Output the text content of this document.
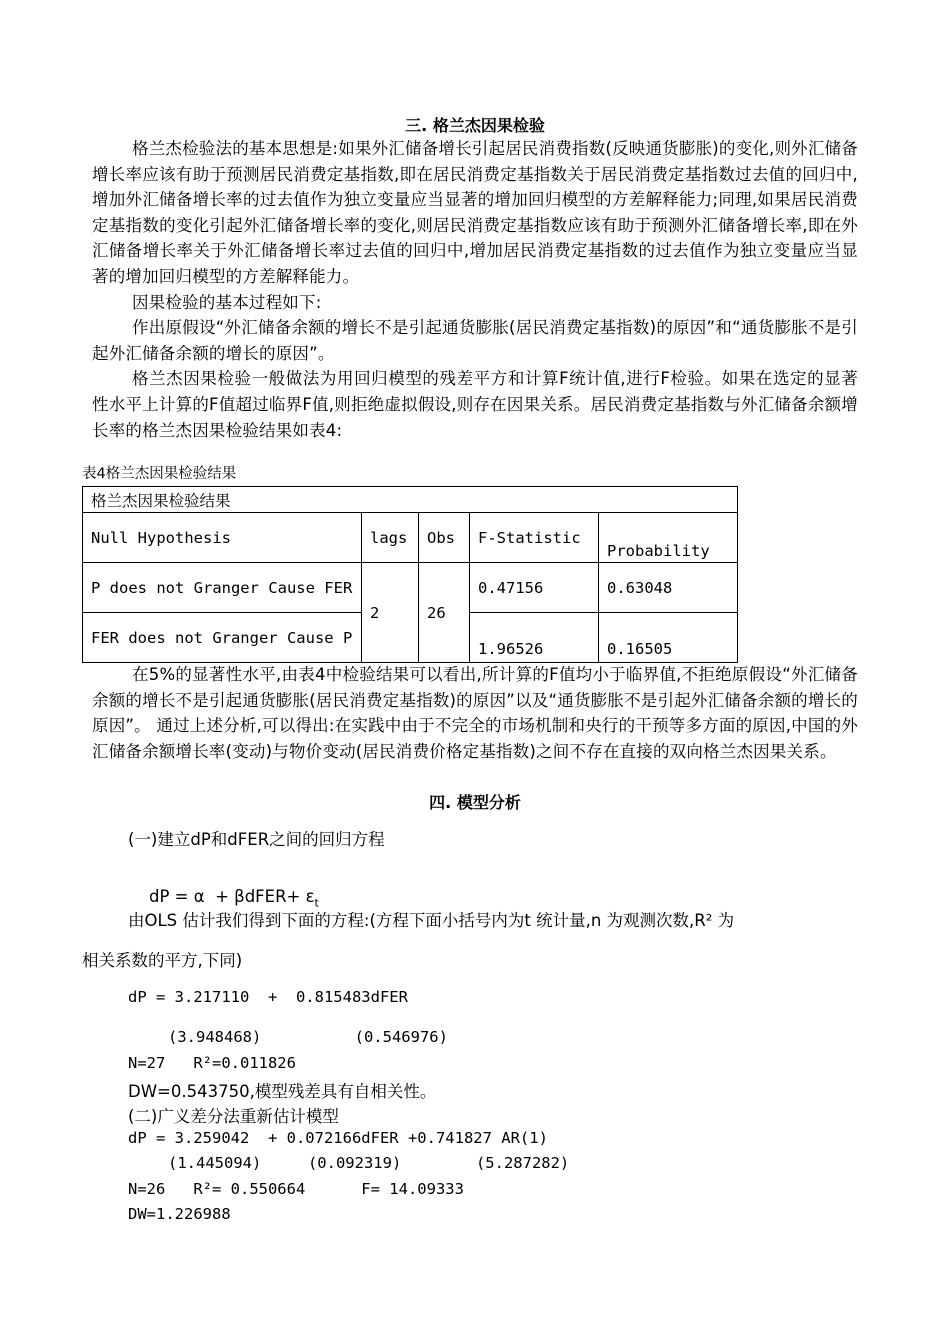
三. 格兰杰因果检验

格兰杰检验法的基本思想是:如果外汇储备增长引起居民消费指数(反映通货膨胀)的变化,则外汇储备增长率应该有助于预测居民消费定基指数,即在居民消费定基指数关于居民消费定基指数过去值的回归中,增加外汇储备增长率的过去值作为独立变量应当显著的增加回归模型的方差解释能力;同理,如果居民消费定基指数的变化引起外汇储备增长率的变化,则居民消费定基指数应该有助于预测外汇储备增长率,即在外汇储备增长率关于外汇储备增长率过去值的回归中,增加居民消费定基指数的过去值作为独立变量应当显著的增加回归模型的方差解释能力。

因果检验的基本过程如下:

作出原假设“外汇储备余额的增长不是引起通货膨胀(居民消费定基指数)的原因”和“通货膨胀不是引起外汇储备余额的增长的原因”。

格兰杰因果检验一般做法为用回归模型的残差平方和计算F统计值,进行F检验。如果在选定的显著性水平上计算的F值超过临界F值,则拒绝虚拟假设,则存在因果关系。居民消费定基指数与外汇储备余额增长率的格兰杰因果检验结果如表4:

表4格兰杰因果检验结果
格兰杰因果检验结果				
Null Hypothesis	lags	Obs	F-Statistic	Probability
P does not Granger Cause FER	2	26	0.47156	0.63048
FER does not Granger Cause P			1.96526	0.16505

在5%的显著性水平,由表4中检验结果可以看出,所计算的F值均小于临界值,不拒绝原假设“外汇储备余额的增长不是引起通货膨胀(居民消费定基指数)的原因”以及“通货膨胀不是引起外汇储备余额的增长的原因”。 通过上述分析,可以得出:在实践中由于不完全的市场机制和央行的干预等多方面的原因,中国的外汇储备余额增长率(变动)与物价变动(居民消费价格定基指数)之间不存在直接的双向格兰杰因果关系。

四. 模型分析
(一)建立dP和dFER之间的回归方程

dP = α  + βdFER+ $\varepsilon_t$

由OLS 估计我们得到下面的方程:(方程下面小括号内为t 统计量,n 为观测次数,R² 为
相关系数的平方,下同)
dP = 3.217110  +  0.815483dFER
(3.948468)          (0.546976)
N=27   R²=0.011826
DW=0.543750,模型残差具有自相关性。
(二)广义差分法重新估计模型
dP = 3.259042  + 0.072166dFER +0.741827 AR(1)
(1.445094)     (0.092319)        (5.287282)
N=26   R²= 0.550664      F= 14.09333
DW=1.226988
